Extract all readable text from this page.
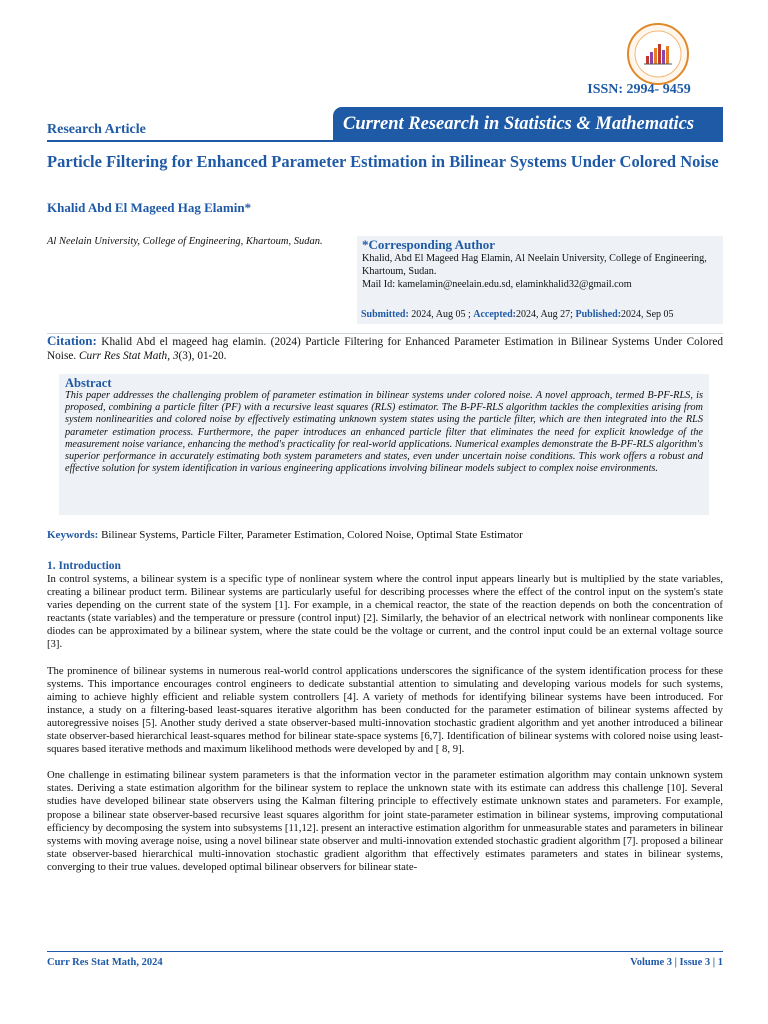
ISSN: 2994- 9459
Research Article	Current Research in Statistics & Mathematics
Particle Filtering for Enhanced Parameter Estimation in Bilinear Systems Under Colored Noise
Khalid Abd El Mageed Hag Elamin*
Al Neelain University, College of Engineering, Khartoum, Sudan.	*Corresponding Author
Khalid, Abd El Mageed Hag Elamin, Al Neelain University, College of Engineering, Khartoum, Sudan.
Mail Id: kamelamin@neelain.edu.sd, elaminkhalid32@gmail.com
Submitted: 2024, Aug 05 ; Accepted:2024, Aug 27; Published:2024, Sep 05
Citation: Khalid Abd el mageed hag elamin. (2024) Particle Filtering for Enhanced Parameter Estimation in Bilinear Systems Under Colored Noise. Curr Res Stat Math, 3(3), 01-20.
Abstract
This paper addresses the challenging problem of parameter estimation in bilinear systems under colored noise. A novel approach, termed B-PF-RLS, is proposed, combining a particle filter (PF) with a recursive least squares (RLS) estimator. The B-PF-RLS algorithm tackles the complexities arising from system nonlinearities and colored noise by effectively estimating unknown system states using the particle filter, which are then integrated into the RLS parameter estimation process. Furthermore, the paper introduces an enhanced particle filter that eliminates the need for explicit knowledge of the measurement noise variance, enhancing the method's practicality for real-world applications. Numerical examples demonstrate the B-PF-RLS algorithm's superior performance in accurately estimating both system parameters and states, even under uncertain noise conditions. This work offers a robust and effective solution for system identification in various engineering applications involving bilinear models subject to complex noise environments.
Keywords: Bilinear Systems, Particle Filter, Parameter Estimation, Colored Noise, Optimal State Estimator
1. Introduction

In control systems, a bilinear system is a specific type of nonlinear system where the control input appears linearly but is multiplied by the state variables, creating a bilinear product term. Bilinear systems are particularly useful for describing processes where the effect of the control input on the system's state varies depending on the current state of the system [1]. For example, in a chemical reactor, the state of the reaction depends on both the concentration of reactants (state variables) and the temperature or pressure (control input) [2]. Similarly, the behavior of an electrical network with nonlinear components like diodes can be approximated by a bilinear system, where the state could be the voltage or current, and the control input could be an external voltage source [3].

The prominence of bilinear systems in numerous real-world control applications underscores the significance of the system identification process for these systems. This importance encourages control engineers to dedicate substantial attention to simulating and developing various models for such systems, aiming to achieve highly efficient and reliable system controllers [4]. A variety of methods for identifying bilinear systems have been introduced. For instance, a study on a filtering-based least-squares iterative algorithm has been conducted for the parameter estimation of bilinear systems affected by autoregressive noises [5]. Another study derived a state observer-based multi-innovation stochastic gradient algorithm and yet another introduced a bilinear state observer-based hierarchical least-squares method for bilinear state-space systems [6,7]. Identification of bilinear systems with colored noise using least-squares based iterative methods and maximum likelihood methods were developed by and [ 8, 9].

One challenge in estimating bilinear system parameters is that the information vector in the parameter estimation algorithm may contain unknown system states. Deriving a state estimation algorithm for the bilinear system to replace the unknown state with its estimate can address this challenge [10]. Several studies have developed bilinear state observers using the Kalman filtering principle to effectively estimate unknown states and parameters. For example, propose a bilinear state observer-based recursive least squares algorithm for joint state-parameter estimation in bilinear systems, improving computational efficiency by decomposing the system into subsystems [11,12]. present an interactive estimation algorithm for unmeasurable states and parameters in bilinear systems with moving average noise, using a novel bilinear state observer and multi-innovation extended stochastic gradient algorithm [7]. proposed a bilinear state observer-based hierarchical multi-innovation stochastic gradient algorithm that effectively estimates parameters and states in bilinear systems, converging to their true values. developed optimal bilinear observers for bilinear state-

Curr Res Stat Math, 2024	Volume 3 | Issue 3 | 1
